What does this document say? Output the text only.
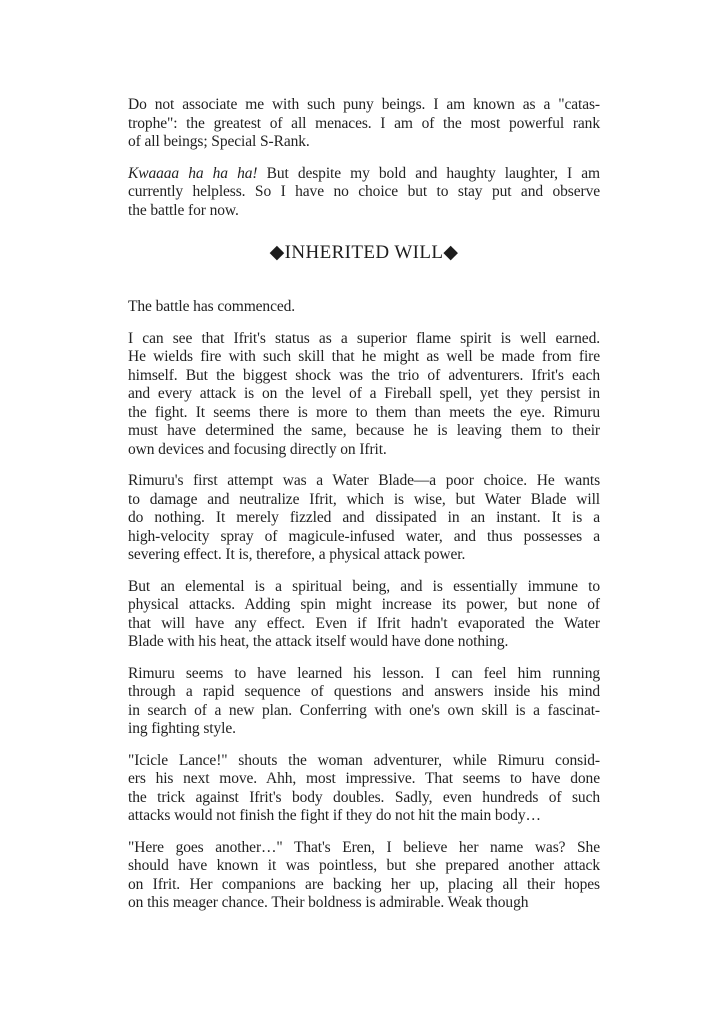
Do not associate me with such puny beings. I am known as a "catas-
trophe": the greatest of all menaces. I am of the most powerful rank
of all beings; Special S-Rank.
Kwaaaa ha ha ha! But despite my bold and haughty laughter, I am
currently helpless. So I have no choice but to stay put and observe
the battle for now.
◆INHERITED WILL◆
The battle has commenced.
I can see that Ifrit's status as a superior flame spirit is well earned.
He wields fire with such skill that he might as well be made from fire
himself. But the biggest shock was the trio of adventurers. Ifrit's each
and every attack is on the level of a Fireball spell, yet they persist in
the fight. It seems there is more to them than meets the eye. Rimuru
must have determined the same, because he is leaving them to their
own devices and focusing directly on Ifrit.
Rimuru's first attempt was a Water Blade—a poor choice. He wants
to damage and neutralize Ifrit, which is wise, but Water Blade will
do nothing. It merely fizzled and dissipated in an instant. It is a
high-velocity spray of magicule-infused water, and thus possesses a
severing effect. It is, therefore, a physical attack power.
But an elemental is a spiritual being, and is essentially immune to
physical attacks. Adding spin might increase its power, but none of
that will have any effect. Even if Ifrit hadn't evaporated the Water
Blade with his heat, the attack itself would have done nothing.
Rimuru seems to have learned his lesson. I can feel him running
through a rapid sequence of questions and answers inside his mind
in search of a new plan. Conferring with one's own skill is a fascinat-
ing fighting style.
"Icicle Lance!" shouts the woman adventurer, while Rimuru consid-
ers his next move. Ahh, most impressive. That seems to have done
the trick against Ifrit's body doubles. Sadly, even hundreds of such
attacks would not finish the fight if they do not hit the main body…
"Here goes another…" That's Eren, I believe her name was? She
should have known it was pointless, but she prepared another attack
on Ifrit. Her companions are backing her up, placing all their hopes
on this meager chance. Their boldness is admirable. Weak though
